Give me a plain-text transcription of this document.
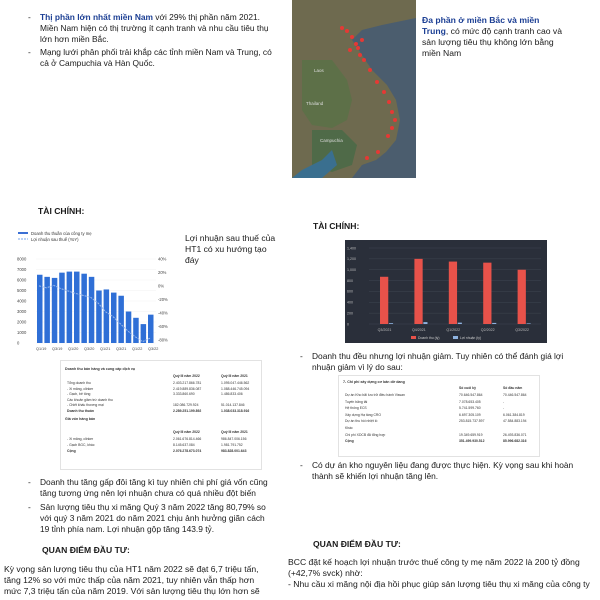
- Thị phần lớn nhất miền Nam với 29% thị phần năm 2021.
Miền Nam hiện có thị trường ít cạnh tranh và nhu cầu tiêu thụ
lớn hơn miền Bắc.
- Mạng lưới phân phối trải khắp các tỉnh miền Nam và Trung, có
cả ở Campuchia và Hàn Quốc.
TÀI CHÍNH:
Doanh thu thuần của công ty mẹ
Lợi nhuận sau thuế (YoY)
8000
7000
6000
5000
4000
3000
2000
1000
0
40%
20%
0%
-20%
-40%
-60%
-80%
Q1/19 Q3/19 Q1/20 Q3/20 Q1/21 Q3/21 Q1/22 Q3/22
Lợi nhuận sau thuế của
HT1 có xu hướng tạo
đáy
Doanh thu bán hàng và cung cấp dịch vụ
Quý III năm 2022	Quý III năm 2021
Tổng doanh thu	2.403.217.866.781	1.095.047.446.562
- Xi măng, clinker	2.419.889.836.087	1.088.446.745.094
- Gạch, bê tông	3.333.860.690	1.486.833.406
Các khoản giảm trừ doanh thu
- Chiết khấu thương mại	182.086.729.924	51.014.137.846
Doanh thu thuần	2.289.251.199.892	1.038.033.318.916
Giá vốn hàng bán
Quý III năm 2022	Quý III năm 2021
- Xi măng, clinker	2.061.676.814.466	986.847.006.156
- Gạch BGC, khác	8.145.637.084	1.981.791.752
Cộng	2.076.278.673.074	983.828.001.643
- Doanh thu tăng gấp đôi tăng kì tuy nhiên chi phí giá vốn cũng
tăng tương ứng nên lợi nhuận chưa có quá nhiều đột biến
- Sản lượng tiêu thụ xi măng Quý 3 năm 2022 tăng 80,79% so
với quý 3 năm 2021 do năm 2021 chịu ảnh hưởng giãn cách
19 tỉnh phía nam. Lợi nhuận gộp tăng 143.9 tỷ.
QUAN ĐIỂM ĐẦU TƯ:
Kỳ vọng sản lượng tiêu thụ của HT1 năm 2022 sẽ đạt 6,7 triệu tấn,
tăng 12% so với mức thấp của năm 2021, tuy nhiên vẫn thấp hơn
mức 7,3 triệu tấn của năm 2019. Với sản lượng tiêu thụ lớn hơn sẽ
Laos
Thailand
Campuchia
Đa phần ở miền Bắc và miền
Trung, có mức độ cạnh tranh cao và
sản lượng tiêu thụ không lớn bằng
miền Nam
TÀI CHÍNH:
1,400
1,200
1,000
800
600
400
200
0
Q3/2021	Q4/2021	Q1/2022	Q2/2022	Q3/2022
Doanh thu (tỷ)	Lợi nhuận (tỷ)
- Doanh thu đều nhưng lợi nhuận giảm. Tuy nhiên có thể đánh giá lợi
nhuận giảm vì lý do sau:
7- Chi phí xây dựng cơ bản dở dang
Số cuối kỳ	Số đầu năm
Dự án Kho bãi lưu trữ điều hành Vissan	70.646.547.864	70.446.547.864
Tuyến băng tải	7.078.653.405	-
Hệ thống ECS	5.741.599.760	-
Xây dựng Hạ tầng CRO	6.697.305.109	6.061.384.819
Dự án thu hồi nhiệt lò	253.815.737.597	47.584.883.194
Khác
Chi phí XDCB đã tổng hợp	19.349.659.919	26.493.836.071
Cộng	351.499.930.512	85.996.682.316
- Có dự án kho nguyên liệu đang được thực hiện. Kỳ vọng sau khi hoàn
thành sẽ khiến lợi nhuận tăng lên.
QUAN ĐIỂM ĐẦU TƯ:
BCC đặt kế hoạch lợi nhuận trước thuế công ty mẹ năm 2022 là 200 tỷ đồng
(+42,7% svck) nhờ:
- Nhu cầu xi măng nội địa hồi phục giúp sản lượng tiêu thụ xi măng của công ty
